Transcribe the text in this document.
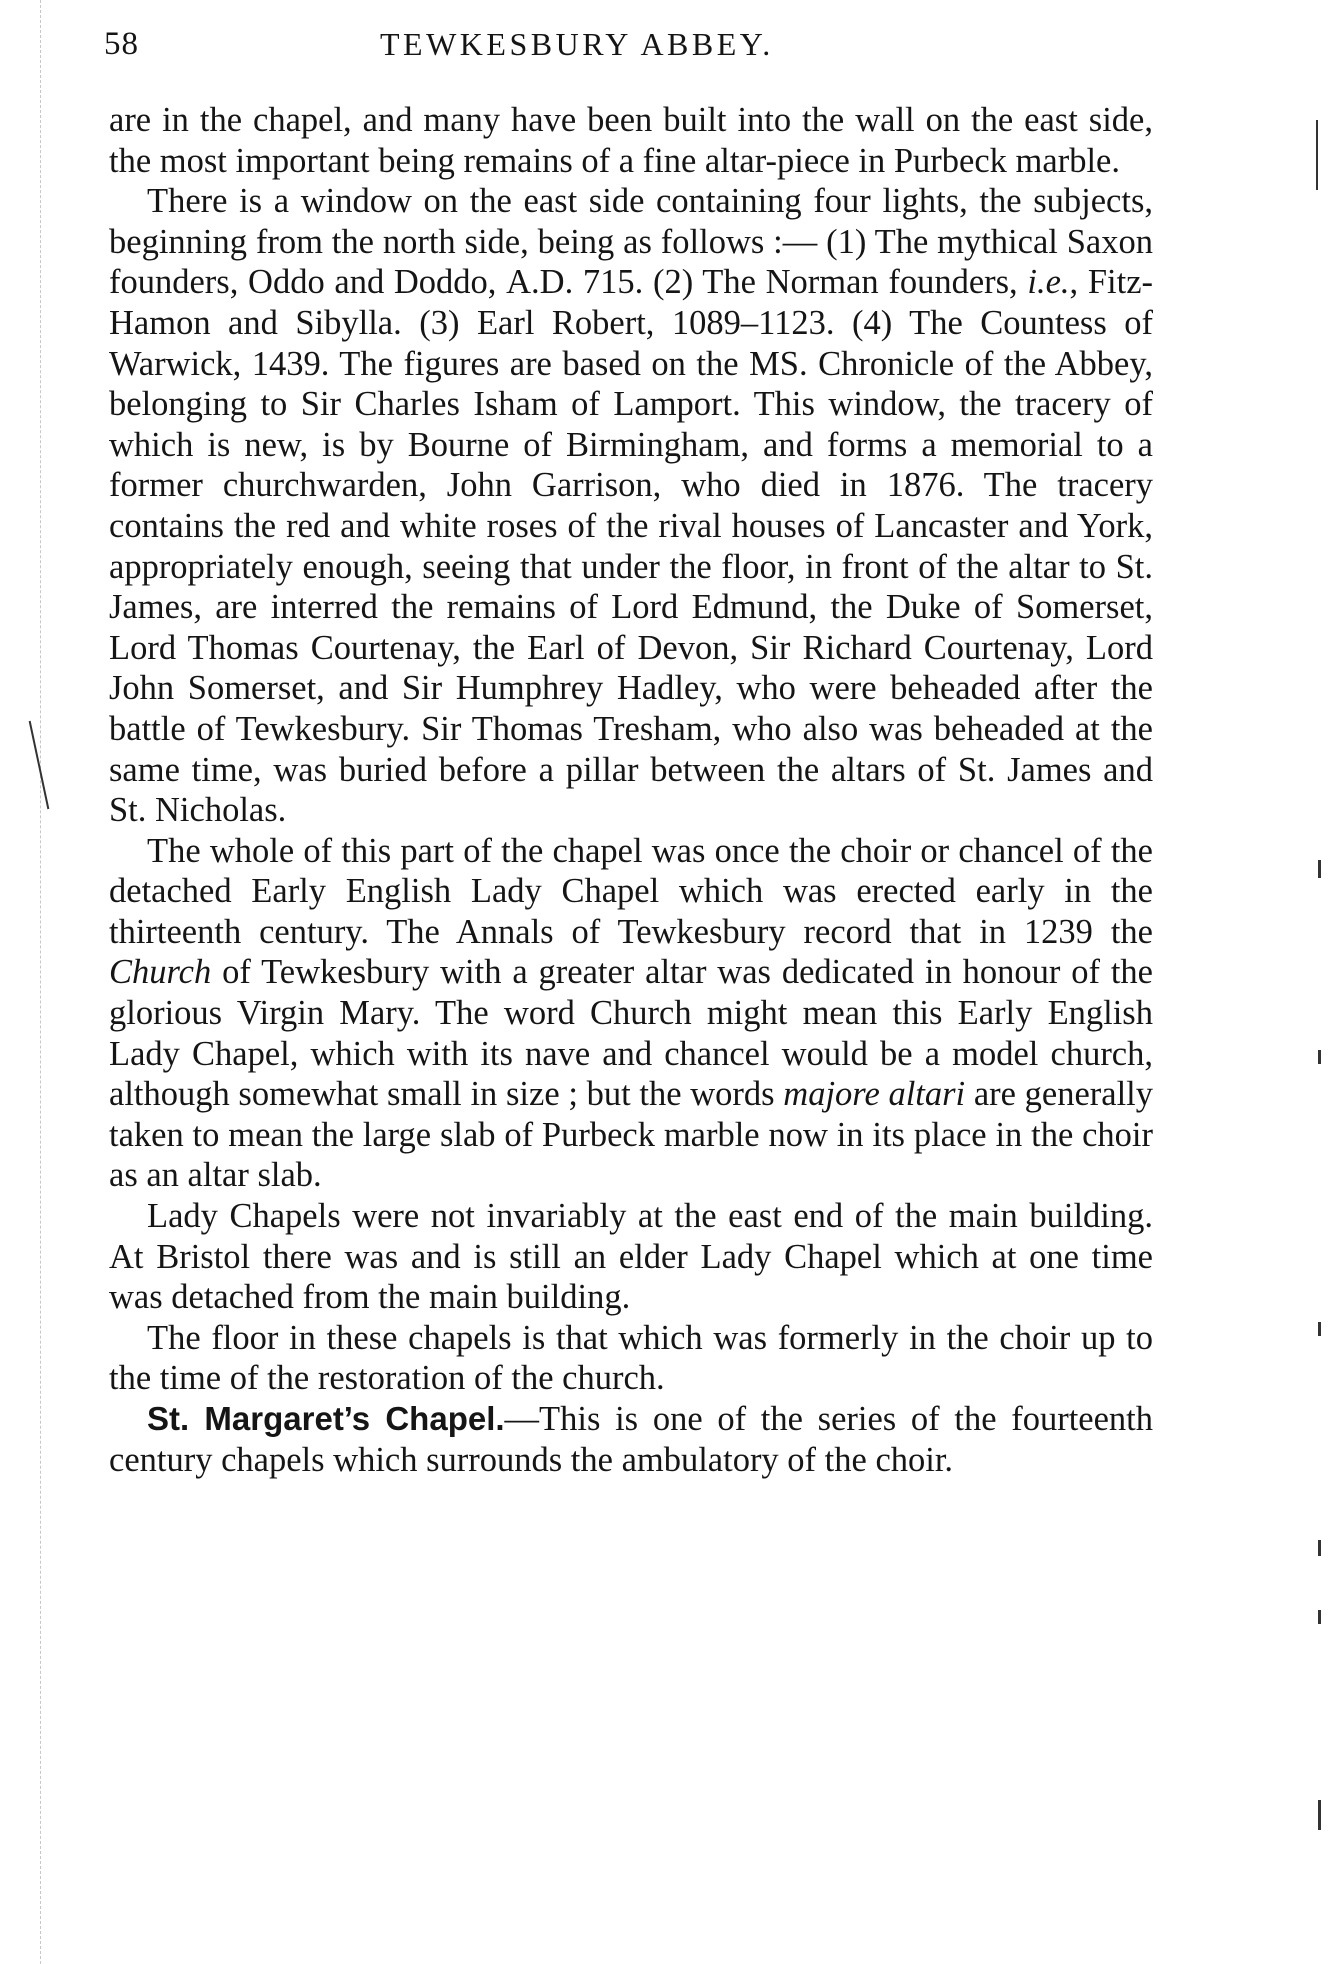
58	TEWKESBURY ABBEY.

are in the chapel, and many have been built into the wall on the east side, the most important being remains of a fine altar-piece in Purbeck marble.

There is a window on the east side containing four lights, the subjects, beginning from the north side, being as follows :— (1) The mythical Saxon founders, Oddo and Doddo, A.D. 715. (2) The Norman founders, i.e., Fitz-Hamon and Sibylla. (3) Earl Robert, 1089–1123. (4) The Countess of Warwick, 1439. The figures are based on the MS. Chronicle of the Abbey, belonging to Sir Charles Isham of Lamport. This window, the tracery of which is new, is by Bourne of Birmingham, and forms a memorial to a former churchwarden, John Garrison, who died in 1876. The tracery contains the red and white roses of the rival houses of Lancaster and York, appropriately enough, seeing that under the floor, in front of the altar to St. James, are interred the remains of Lord Edmund, the Duke of Somerset, Lord Thomas Courtenay, the Earl of Devon, Sir Richard Courtenay, Lord John Somerset, and Sir Humphrey Hadley, who were beheaded after the battle of Tewkesbury. Sir Thomas Tresham, who also was beheaded at the same time, was buried before a pillar between the altars of St. James and St. Nicholas.

The whole of this part of the chapel was once the choir or chancel of the detached Early English Lady Chapel which was erected early in the thirteenth century. The Annals of Tewkesbury record that in 1239 the Church of Tewkesbury with a greater altar was dedicated in honour of the glorious Virgin Mary. The word Church might mean this Early English Lady Chapel, which with its nave and chancel would be a model church, although somewhat small in size ; but the words majore altari are generally taken to mean the large slab of Purbeck marble now in its place in the choir as an altar slab.

Lady Chapels were not invariably at the east end of the main building. At Bristol there was and is still an elder Lady Chapel which at one time was detached from the main building.

The floor in these chapels is that which was formerly in the choir up to the time of the restoration of the church.

St. Margaret’s Chapel.—This is one of the series of the fourteenth century chapels which surrounds the ambulatory of the choir.
